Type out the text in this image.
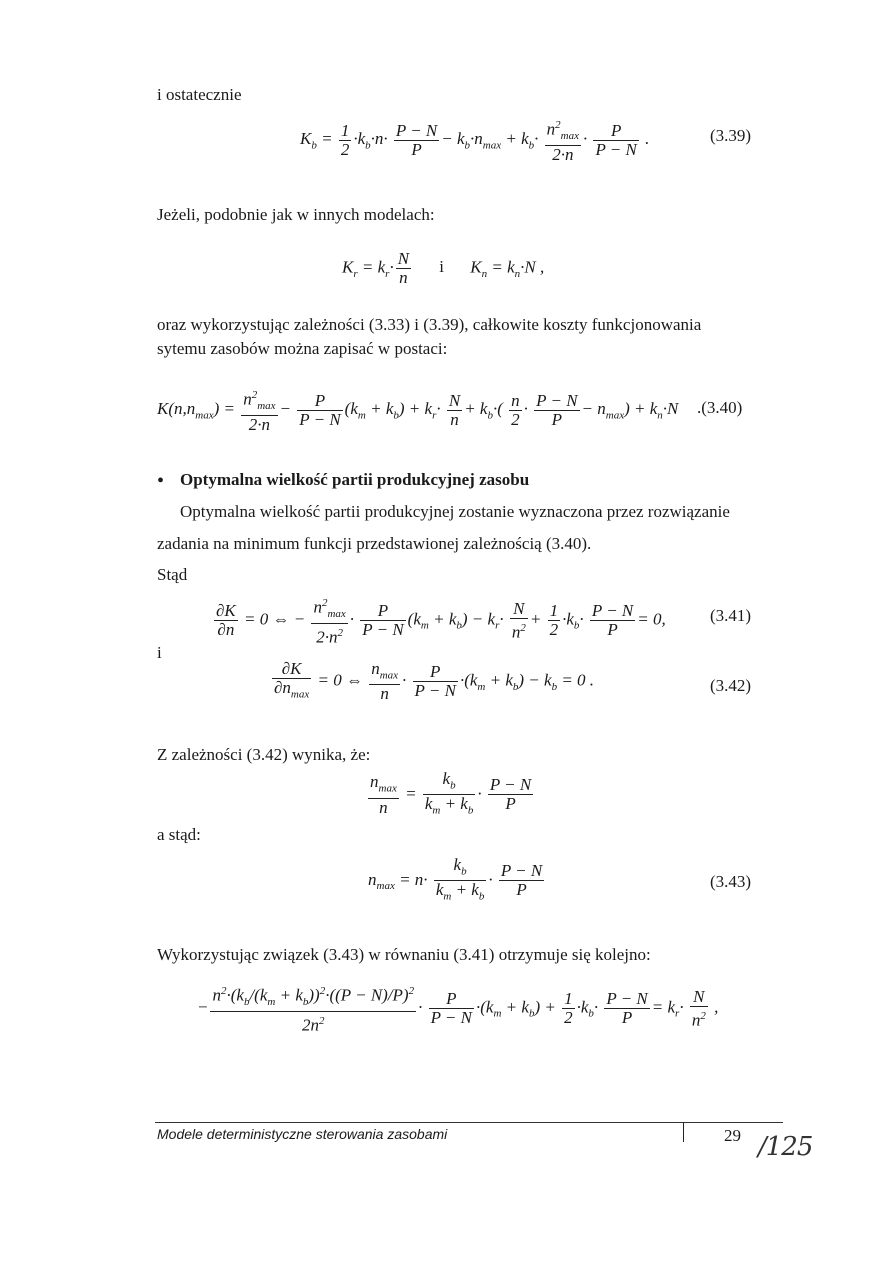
i ostatecznie
$K_b = \frac{1}{2} \cdot k_b\cdot n\cdot \frac{P - N}{P} - k_b\cdot n_{max} + k_b\cdot \frac{n^2_{max}}{2\cdot n} \cdot \frac{P}{P - N}$ .	(3.39)
Jeżeli, podobnie jak w innych modelach:
$K_r = k_r\cdot \frac{N}{n}$ i $K_n = k_n\cdot N$ ,
oraz wykorzystując zależności (3.33) i (3.39), całkowite koszty funkcjonowania
sytemu zasobów można zapisać w postaci:
$K(n,n_{max}) = \frac{n^2_{max}}{2\cdot n} - \frac{P}{P - N} (k_m + k_b) + k_r\cdot \frac{N}{n} + k_b\cdot( \frac{n}{2} \cdot \frac{P - N}{P} - n_{max}) + k_n\cdot N$ .(3.40)
• Optymalna wielkość partii produkcyjnej zasobu
Optymalna wielkość partii produkcyjnej zostanie wyznaczona przez rozwiązanie
zadania na minimum funkcji przedstawionej zależnością (3.40).
Stąd
$\frac{\partial K}{\partial n} = 0$ ⇔ − $\frac{n^2_{max}}{2\cdot n^2} \cdot \frac{P}{P - N} (k_m + k_b) - k_r\cdot \frac{N}{n^2} + \frac{1}{2} \cdot k_b\cdot \frac{P - N}{P} = 0$,	(3.41)
i
$\frac{\partial K}{\partial n_{max}} = 0$ ⇔ $\frac{n_{max}}{n} \cdot \frac{P}{P - N} \cdot(k_m + k_b) - k_b = 0$ .	(3.42)
Z zależności (3.42) wynika, że:
$\frac{n_{max}}{n} = \frac{k_b}{k_m + k_b} \cdot \frac{P - N}{P}$
a stąd:
$n_{max} = n\cdot \frac{k_b}{k_m + k_b} \cdot \frac{P - N}{P}$	(3.43)
Wykorzystując związek (3.43) w równaniu (3.41) otrzymuje się kolejno:
− $\frac{n^2\cdot(k_b/(k_m + k_b))^2\cdot((P - N)/P)^2}{2n^2} \cdot \frac{P}{P - N} \cdot(k_m + k_b) + \frac{1}{2} \cdot k_b\cdot \frac{P - N}{P} = k_r\cdot \frac{N}{n^2}$ ,
Modele deterministyczne sterowania zasobami	29 /125
